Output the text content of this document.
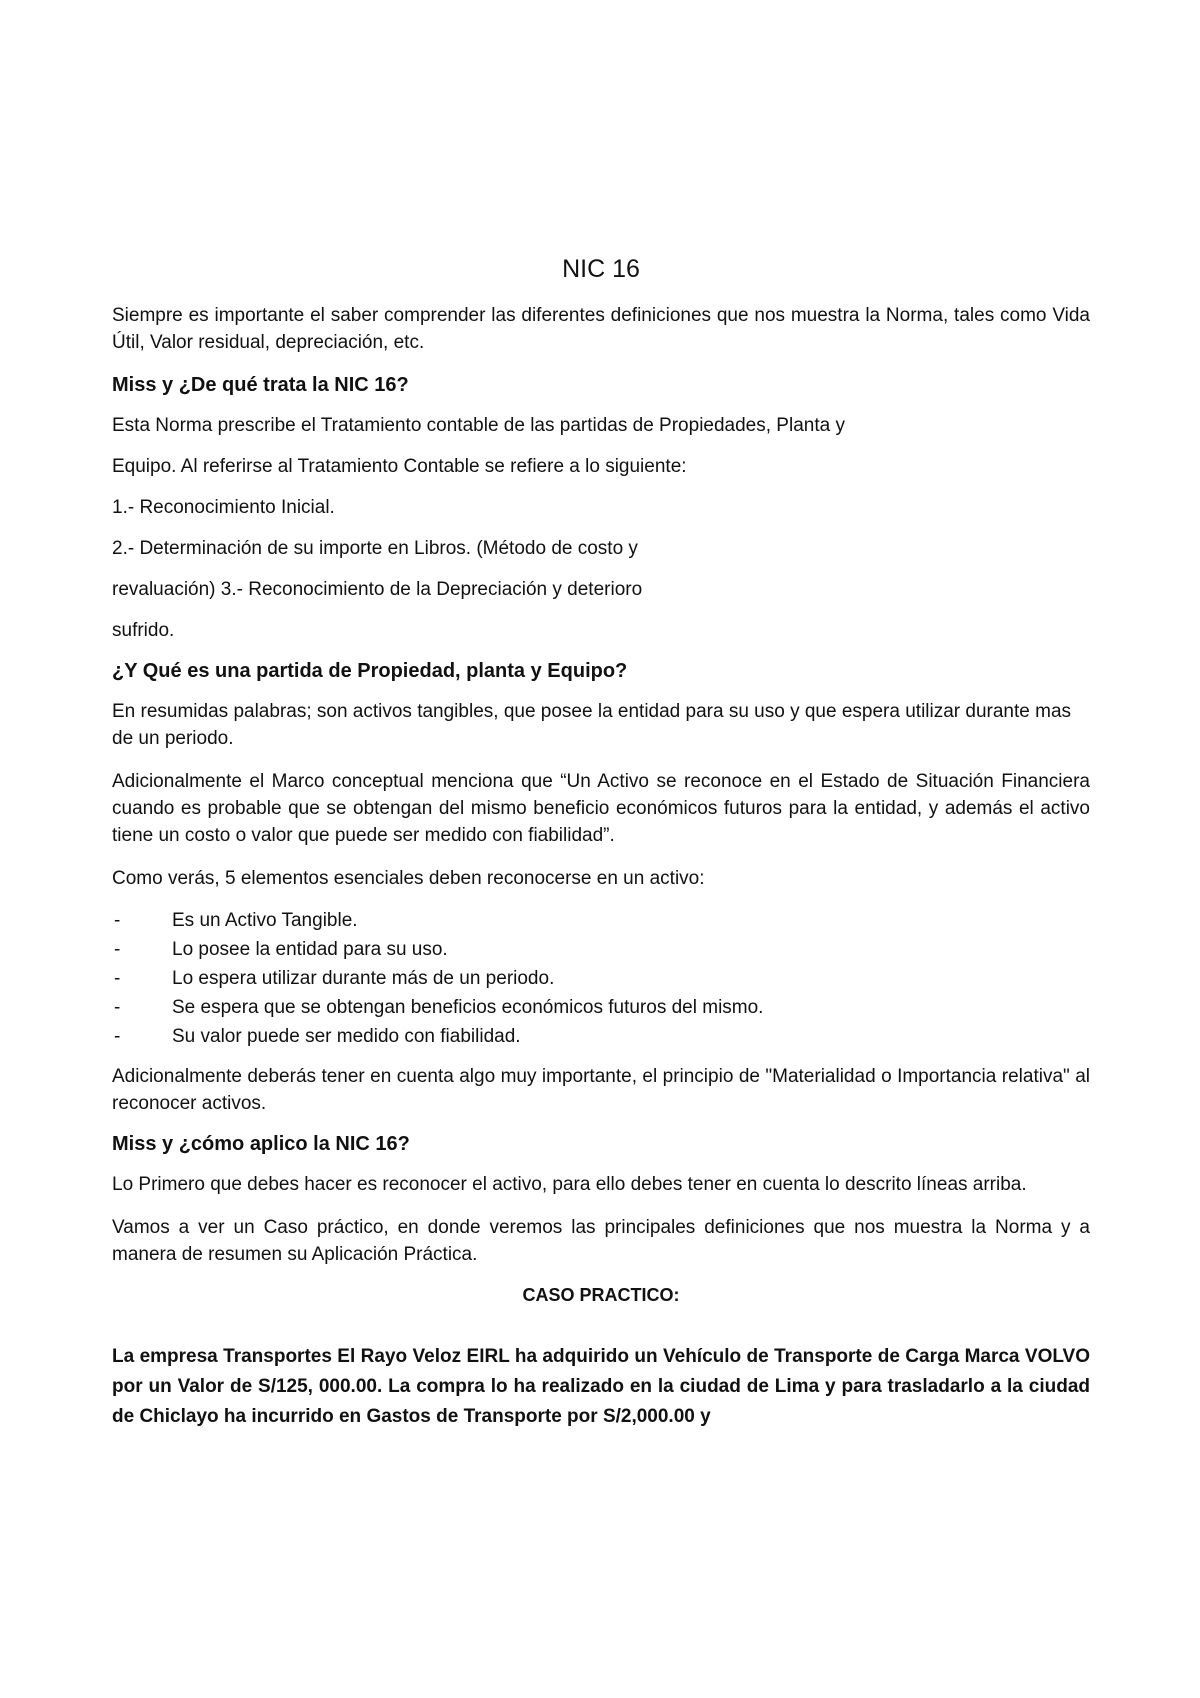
NIC 16

Siempre es importante el saber comprender las diferentes definiciones que nos muestra la Norma, tales como Vida Útil, Valor residual, depreciación, etc.

Miss y ¿De qué trata la NIC 16?

Esta Norma prescribe el Tratamiento contable de las partidas de Propiedades, Planta y

Equipo. Al referirse al Tratamiento Contable se refiere a lo siguiente:

1.- Reconocimiento Inicial.

2.- Determinación de su importe en Libros. (Método de costo y

revaluación) 3.- Reconocimiento de la Depreciación y deterioro

sufrido.

¿Y Qué es una partida de Propiedad, planta y Equipo?

En resumidas palabras; son activos tangibles, que posee la entidad para su uso y que espera utilizar durante mas de un periodo.

Adicionalmente el Marco conceptual menciona que “Un Activo se reconoce en el Estado de Situación Financiera cuando es probable que se obtengan del mismo beneficio económicos futuros para la entidad, y además el activo tiene un costo o valor que puede ser medido con fiabilidad”.

Como verás, 5 elementos esenciales deben reconocerse en un activo:

-	Es un Activo Tangible.
-	Lo posee la entidad para su uso.
-	Lo espera utilizar durante más de un periodo.
-	Se espera que se obtengan beneficios económicos futuros del mismo.
-	Su valor puede ser medido con fiabilidad.

Adicionalmente deberás tener en cuenta algo muy importante, el principio de "Materialidad o Importancia relativa" al reconocer activos.

Miss y ¿cómo aplico la NIC 16?

Lo Primero que debes hacer es reconocer el activo, para ello debes tener en cuenta lo descrito líneas arriba.

Vamos a ver un Caso práctico, en donde veremos las principales definiciones que nos muestra la Norma y a manera de resumen su Aplicación Práctica.

CASO PRACTICO:

La empresa Transportes El Rayo Veloz EIRL ha adquirido un Vehículo de Transporte de Carga Marca VOLVO por un Valor de S/125, 000.00. La compra lo ha realizado en la ciudad de Lima y para trasladarlo a la ciudad de Chiclayo ha incurrido en Gastos de Transporte por S/2,000.00 y
